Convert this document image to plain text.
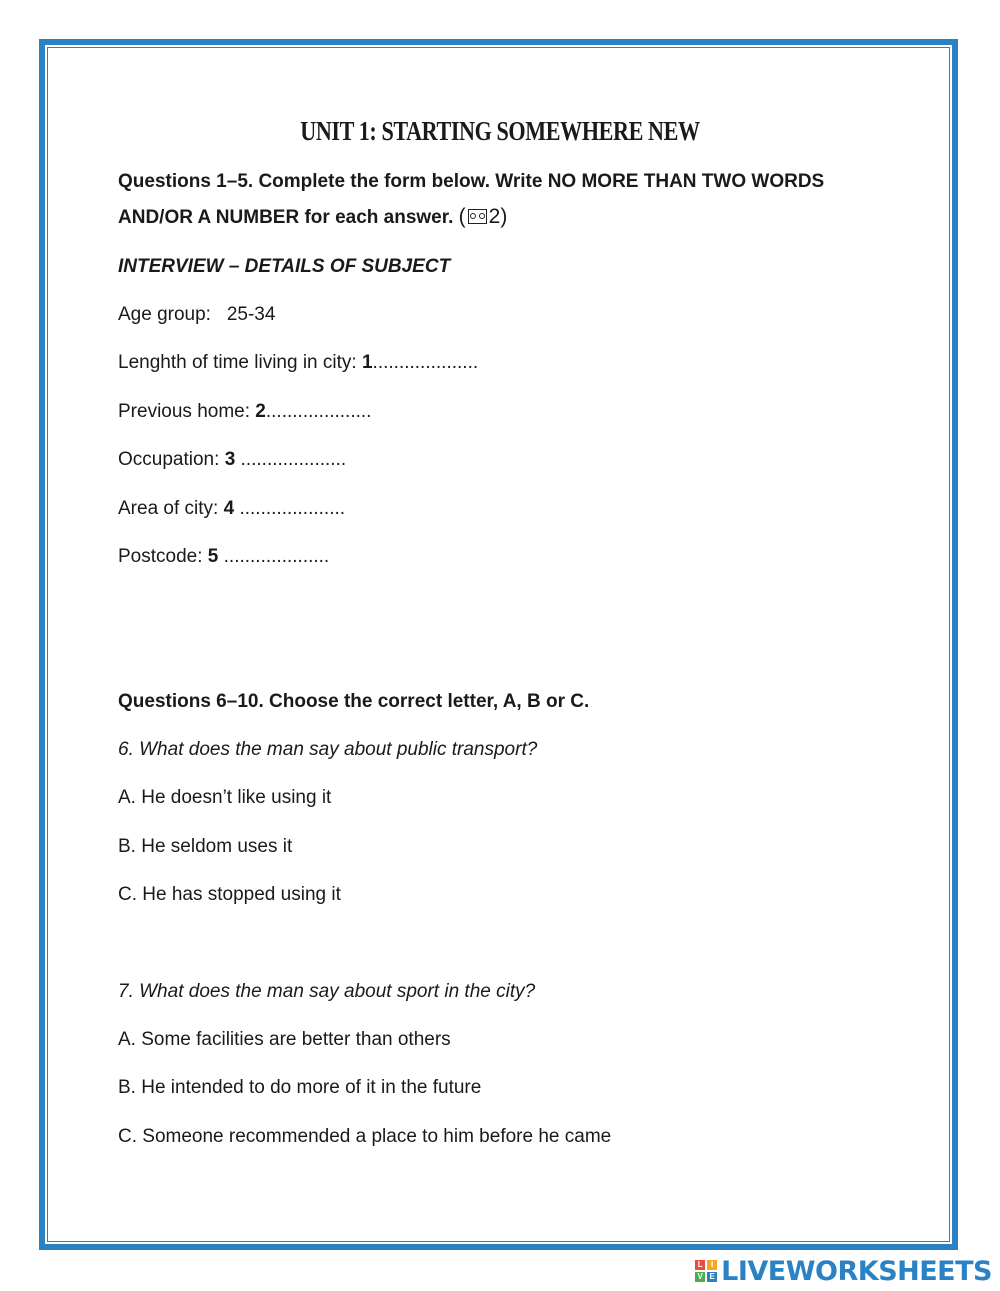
UNIT 1: STARTING SOMEWHERE NEW
Questions 1–5. Complete the form below. Write NO MORE THAN TWO WORDS
AND/OR A NUMBER for each answer. ( 2)
INTERVIEW – DETAILS OF SUBJECT
Age group: 25-34
Lenghth of time living in city: 1....................
Previous home: 2....................
Occupation: 3 ....................
Area of city: 4 ....................
Postcode: 5 ....................
Questions 6–10. Choose the correct letter, A, B or C.
6. What does the man say about public transport?
A. He doesn’t like using it
B. He seldom uses it
C. He has stopped using it
7. What does the man say about sport in the city?
A. Some facilities are better than others
B. He intended to do more of it in the future
C. Someone recommended a place to him before he came
L	I
V E LIVEWORKSHEETS
